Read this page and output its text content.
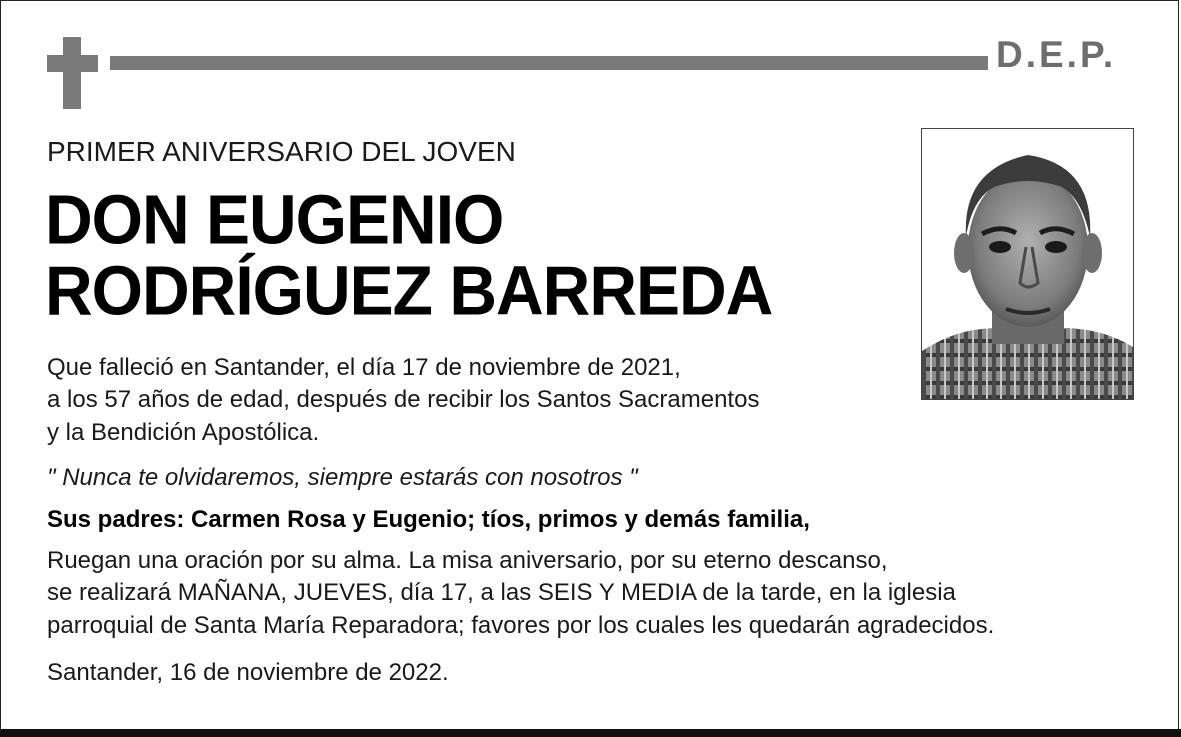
D.E.P.
PRIMER ANIVERSARIO DEL JOVEN
DON EUGENIO
RODRÍGUEZ BARREDA
Que falleció en Santander, el día 17 de noviembre de 2021,
a los 57 años de edad, después de recibir los Santos Sacramentos
y la Bendición Apostólica.
" Nunca te olvidaremos, siempre estarás con nosotros "
Sus padres: Carmen Rosa y Eugenio; tíos, primos y demás familia,
Ruegan una oración por su alma. La misa aniversario, por su eterno descanso,
se realizará MAÑANA, JUEVES, día 17, a las SEIS Y MEDIA de la tarde, en la iglesia
parroquial de Santa María Reparadora; favores por los cuales les quedarán agradecidos.
Santander, 16 de noviembre de 2022.
